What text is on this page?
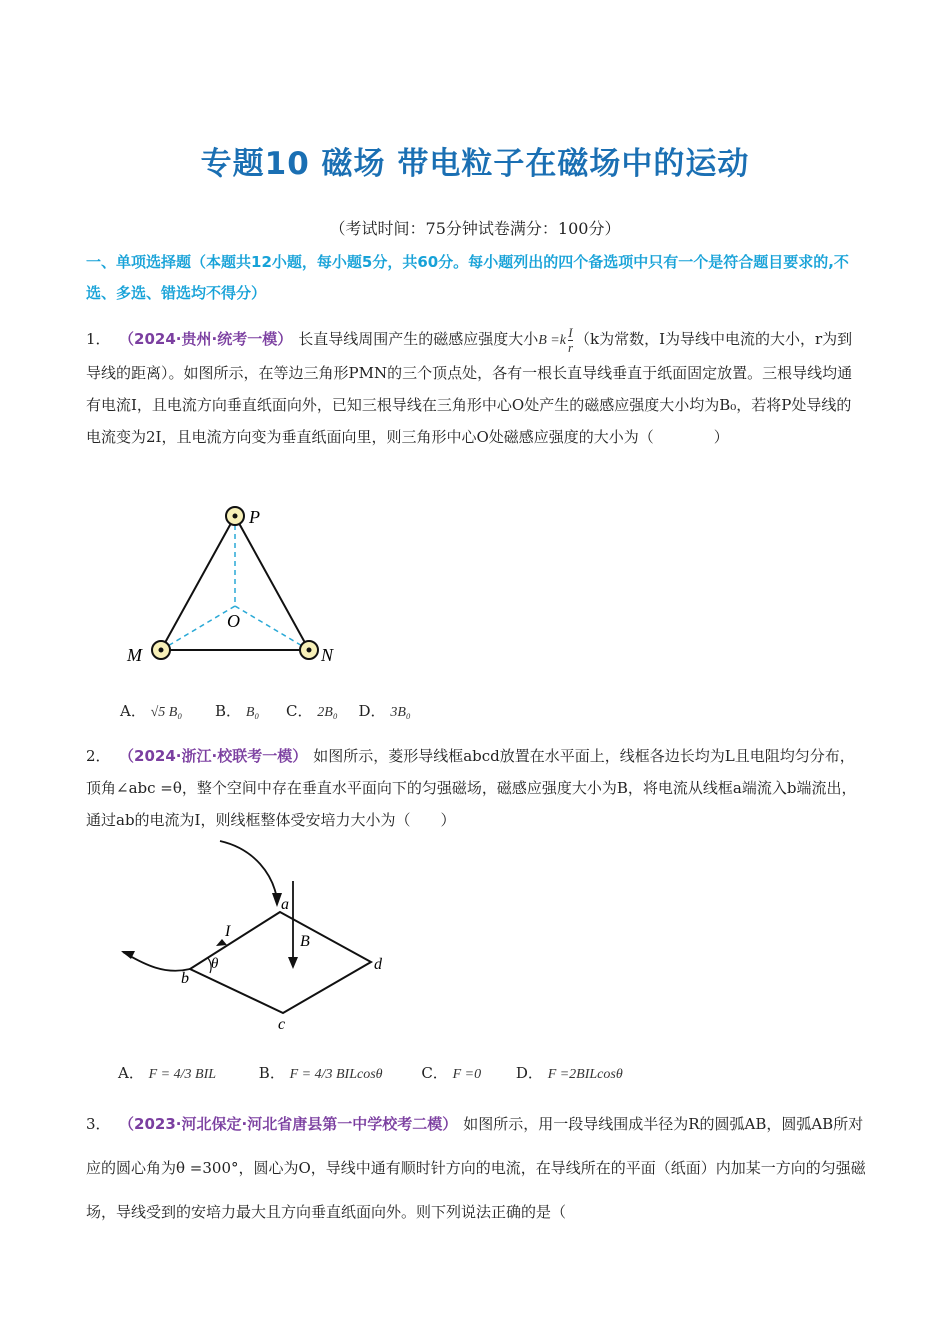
专题10 磁场 带电粒子在磁场中的运动
（考试时间：75分钟试卷满分：100分）
一、单项选择题（本题共12小题，每小题5分，共60分。每小题列出的四个备选项中只有一个是符合题目要求的,不选、多选、错选均不得分）
1． （2024·贵州·统考一模） 长直导线周围产生的磁感应强度大小$B =k \frac{I}{r} (k$为常数，I为导线中电流的大小，r为到导线的距离）。如图所示，在等边三角形PMN的三个顶点处，各有一根长直导线垂直于纸面固定放置。三根导线均通有电流I，且电流方向垂直纸面向外，已知三根导线在三角形中心O处产生的磁感应强度大小均为B₀，若将P处导线的电流变为2I，且电流方向变为垂直纸面向里，则三角形中心O处磁感应强度的大小为（　　　　）
P
M	N
O
A． √5 B₀ B． B₀ C． 2B₀ D． 3B₀
2． （2024·浙江·校联考一模） 如图所示，菱形导线框abcd放置在水平面上，线框各边长均为L且电阻均匀分布，顶角∠abc =θ，整个空间中存在垂直水平面向下的匀强磁场，磁感应强度大小为B，将电流从线框a端流入b端流出，通过ab的电流为I，则线框整体受安培力大小为（　　）
a
b
c
d
I
B
θ
A． F = 4/3 BIL	B． F = 4/3 BILcosθ	C． F =0 D． F =2BILcosθ
3． （2023·河北保定·河北省唐县第一中学校考二模） 如图所示，用一段导线围成半径为R的圆弧AB，圆弧AB所对应的圆心角为θ =300°，圆心为O，导线中通有顺时针方向的电流，在导线所在的平面（纸面）内加某一方向的匀强磁场，导线受到的安培力最大且方向垂直纸面向外。则下列说法正确的是（
